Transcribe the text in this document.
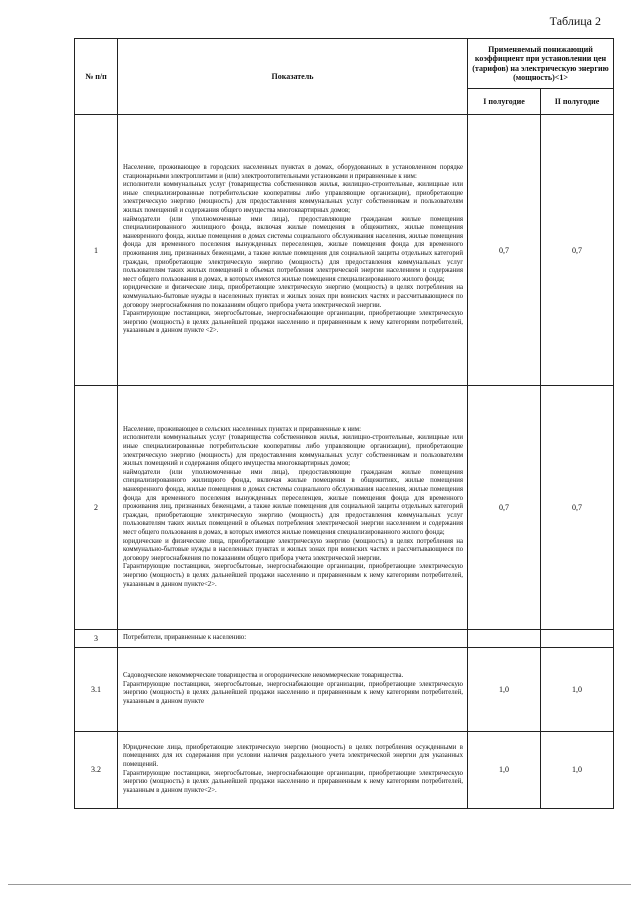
Таблица 2
№ п/п	Показатель	Применяемый понижающий коэффициент при установлении цен (тарифов) на электрическую энергию (мощность)<1>	
		I полугодие	II полугодие
1	Население, проживающее в городских населенных пунктах в домах, оборудованных в установленном порядке стационарными электроплитами и (или) электроотопительными установками и приравненные к ним:

исполнители коммунальных услуг (товарищества собственников жилья, жилищно-строительные, жилищные или иные специализированные потребительские кооперативы либо управляющие организации), приобретающие электрическую энергию (мощность) для предоставления коммунальных услуг собственникам и пользователям жилых помещений и содержания общего имущества многоквартирных домов;

наймодатели (или уполномоченные ими лица), предоставляющие гражданам жилые помещения специализированного жилищного фонда, включая жилые помещения в общежитиях, жилые помещения маневренного фонда, жилые помещения в домах системы социального обслуживания населения, жилые помещения фонда для временного поселения вынужденных переселенцев, жилые помещения фонда для временного проживания лиц, признанных беженцами, а также жилые помещения для социальной защиты отдельных категорий граждан, приобретающие электрическую энергию (мощность) для предоставления коммунальных услуг пользователям таких жилых помещений в объемах потребления электрической энергии населением и содержания мест общего пользования в домах, в которых имеются жилые помещения специализированного жилого фонда;

юридические и физические лица, приобретающие электрическую энергию (мощность) в целях потребления на коммунально-бытовые нужды в населенных пунктах и жилых зонах при воинских частях и рассчитывающиеся по договору энергоснабжения по показаниям общего прибора учета электрической энергии.

Гарантирующие поставщики, энергосбытовые, энергоснабжающие организации, приобретающие электрическую энергию (мощность) в целях дальнейшей продажи населению и приравненным к нему категориям потребителей, указанным в данном пункте <2>.	0,7	0,7
2	Население, проживающее в сельских населенных пунктах и приравненные к ним:

исполнители коммунальных услуг (товарищества собственников жилья, жилищно-строительные, жилищные или иные специализированные потребительские кооперативы либо управляющие организации), приобретающие электрическую энергию (мощность) для предоставления коммунальных услуг собственникам и пользователям жилых помещений и содержания общего имущества многоквартирных домов;

наймодатели (или уполномоченные ими лица), предоставляющие гражданам жилые помещения специализированного жилищного фонда, включая жилые помещения в общежитиях, жилые помещения маневренного фонда, жилые помещения в домах системы социального обслуживания населения, жилые помещения фонда для временного поселения вынужденных переселенцев, жилые помещения фонда для временного проживания лиц, признанных беженцами, а также жилые помещения для социальной защиты отдельных категорий граждан, приобретающие электрическую энергию (мощность) для предоставления коммунальных услуг пользователям таких жилых помещений в объемах потребления электрической энергии населением и содержания мест общего пользования в домах, в которых имеются жилые помещения специализированного жилого фонда;

юридические и физические лица, приобретающие электрическую энергию (мощность) в целях потребления на коммунально-бытовые нужды в населенных пунктах и жилых зонах при воинских частях и рассчитывающиеся по договору энергоснабжения по показаниям общего прибора учета электрической энергии.

Гарантирующие поставщики, энергосбытовые, энергоснабжающие организации, приобретающие электрическую энергию (мощность) в целях дальнейшей продажи населению и приравненным к нему категориям потребителей, указанным в данном пункте<2>.	0,7	0,7
3	Потребители, приравненные к населению:		

3.1	Садоводческие некоммерческие товарищества и огороднические некоммерческие товарищества.

Гарантирующие поставщики, энергосбытовые, энергоснабжающие организации, приобретающие электрическую энергию (мощность) в целях дальнейшей продажи населению и приравненным к нему категориям потребителей, указанным в данном пункте	1,0	1,0
3.2	Юридические лица, приобретающие электрическую энергию (мощность) в целях потребления осужденными в помещениях для их содержания при условии наличия раздельного учета электрической энергии для указанных помещений.

Гарантирующие поставщики, энергосбытовые, энергоснабжающие организации, приобретающие электрическую энергию (мощность) в целях дальнейшей продажи населению и приравненным к нему категориям потребителей, указанным в данном пункте<2>.	1,0	1,0
